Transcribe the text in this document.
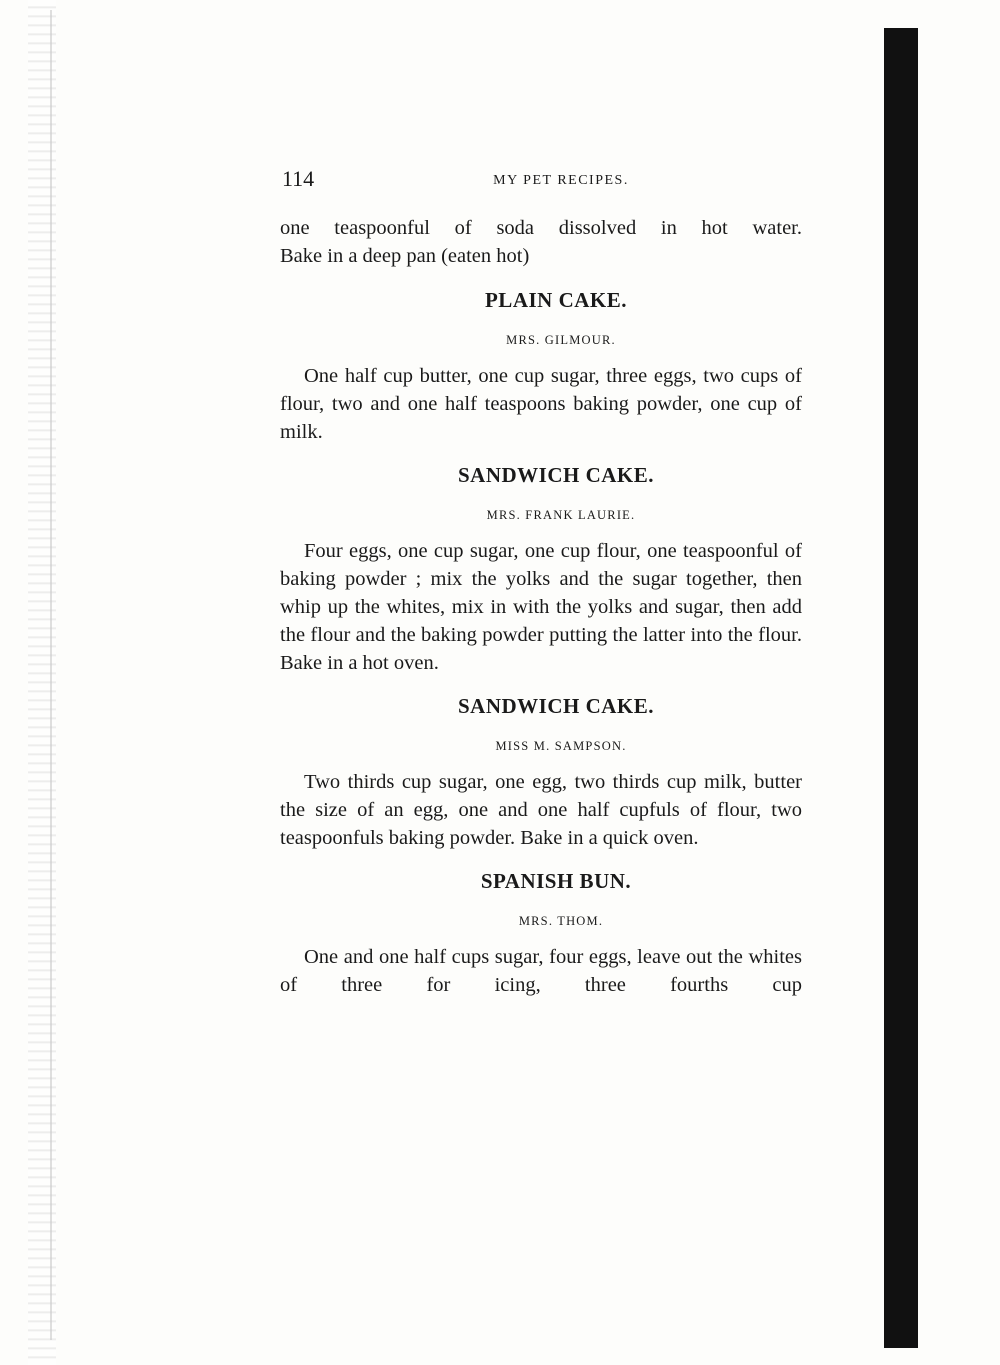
114	MY PET RECIPES.

one teaspoonful of soda dissolved in hot water.

Bake in a deep pan (eaten hot)

PLAIN CAKE.
MRS. GILMOUR.

One half cup butter, one cup sugar, three eggs, two cups of flour, two and one half teaspoons baking powder, one cup of milk.

SANDWICH CAKE.
MRS. FRANK LAURIE.

Four eggs, one cup sugar, one cup flour, one teaspoonful of baking powder ; mix the yolks and the sugar together, then whip up the whites, mix in with the yolks and sugar, then add the flour and the baking powder putting the latter into the flour. Bake in a hot oven.

SANDWICH CAKE.
MISS M. SAMPSON.

Two thirds cup sugar, one egg, two thirds cup milk, butter the size of an egg, one and one half cupfuls of flour, two teaspoonfuls baking powder. Bake in a quick oven.

SPANISH BUN.
MRS. THOM.

One and one half cups sugar, four eggs, leave out the whites of three for icing, three fourths cup
